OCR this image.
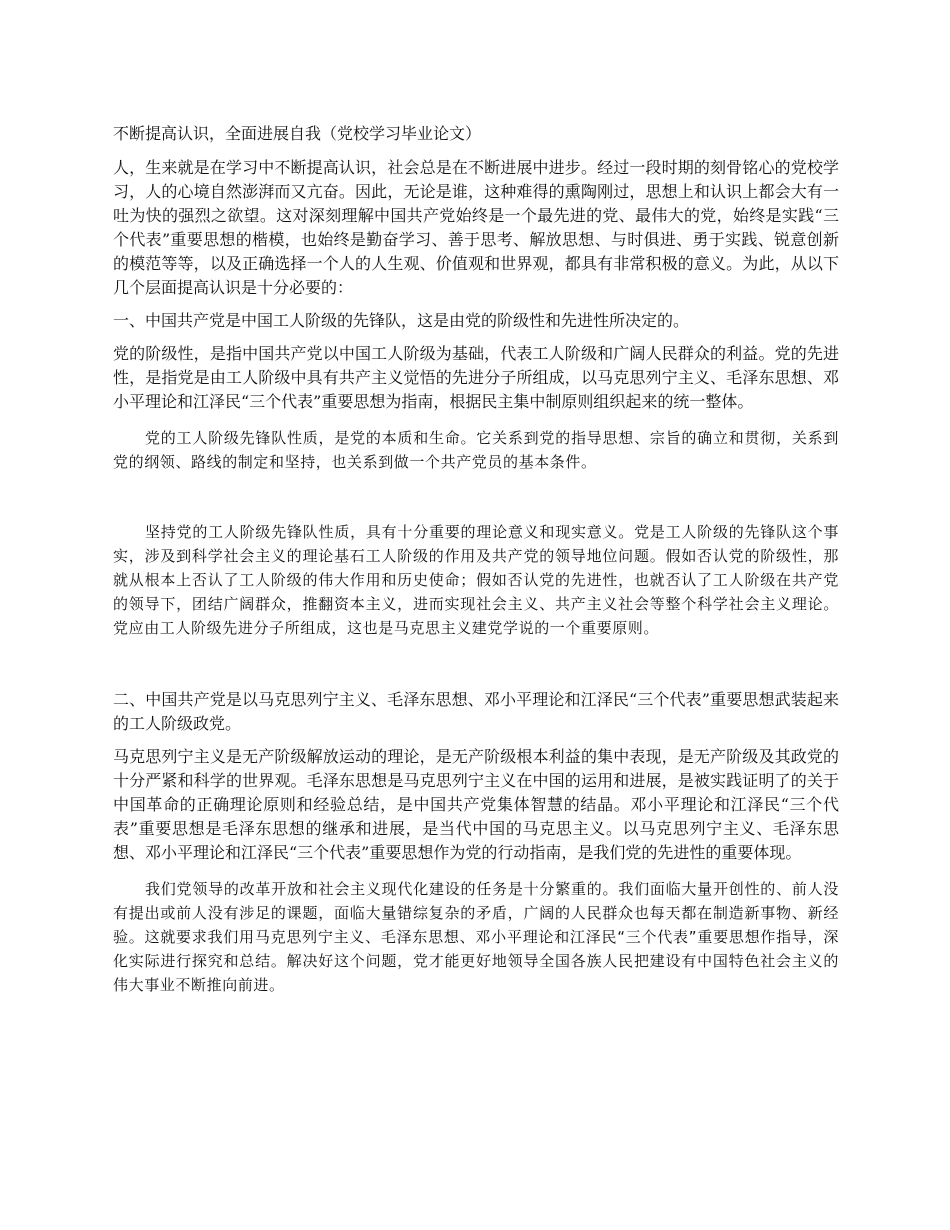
不断提高认识，全面进展自我（党校学习毕业论文）

人，生来就是在学习中不断提高认识，社会总是在不断进展中进步。经过一段时期的刻骨铭心的党校学习，人的心境自然澎湃而又亢奋。因此，无论是谁，这种难得的熏陶刚过，思想上和认识上都会大有一吐为快的强烈之欲望。这对深刻理解中国共产党始终是一个最先进的党、最伟大的党，始终是实践“三个代表”重要思想的楷模，也始终是勤奋学习、善于思考、解放思想、与时俱进、勇于实践、锐意创新的模范等等，以及正确选择一个人的人生观、价值观和世界观，都具有非常积极的意义。为此，从以下几个层面提高认识是十分必要的：

一、中国共产党是中国工人阶级的先锋队，这是由党的阶级性和先进性所决定的。

党的阶级性，是指中国共产党以中国工人阶级为基础，代表工人阶级和广阔人民群众的利益。党的先进性，是指党是由工人阶级中具有共产主义觉悟的先进分子所组成，以马克思列宁主义、毛泽东思想、邓小平理论和江泽民“三个代表”重要思想为指南，根据民主集中制原则组织起来的统一整体。

党的工人阶级先锋队性质，是党的本质和生命。它关系到党的指导思想、宗旨的确立和贯彻，关系到党的纲领、路线的制定和坚持，也关系到做一个共产党员的基本条件。

坚持党的工人阶级先锋队性质，具有十分重要的理论意义和现实意义。党是工人阶级的先锋队这个事实，涉及到科学社会主义的理论基石工人阶级的作用及共产党的领导地位问题。假如否认党的阶级性，那就从根本上否认了工人阶级的伟大作用和历史使命；假如否认党的先进性，也就否认了工人阶级在共产党的领导下，团结广阔群众，推翻资本主义，进而实现社会主义、共产主义社会等整个科学社会主义理论。党应由工人阶级先进分子所组成，这也是马克思主义建党学说的一个重要原则。

二、中国共产党是以马克思列宁主义、毛泽东思想、邓小平理论和江泽民“三个代表”重要思想武装起来的工人阶级政党。

马克思列宁主义是无产阶级解放运动的理论，是无产阶级根本利益的集中表现，是无产阶级及其政党的十分严紧和科学的世界观。毛泽东思想是马克思列宁主义在中国的运用和进展，是被实践证明了的关于中国革命的正确理论原则和经验总结，是中国共产党集体智慧的结晶。邓小平理论和江泽民“三个代表”重要思想是毛泽东思想的继承和进展，是当代中国的马克思主义。以马克思列宁主义、毛泽东思想、邓小平理论和江泽民“三个代表”重要思想作为党的行动指南，是我们党的先进性的重要体现。

我们党领导的改革开放和社会主义现代化建设的任务是十分繁重的。我们面临大量开创性的、前人没有提出或前人没有涉足的课题，面临大量错综复杂的矛盾，广阔的人民群众也每天都在制造新事物、新经验。这就要求我们用马克思列宁主义、毛泽东思想、邓小平理论和江泽民“三个代表”重要思想作指导，深化实际进行探究和总结。解决好这个问题，党才能更好地领导全国各族人民把建设有中国特色社会主义的伟大事业不断推向前进。
